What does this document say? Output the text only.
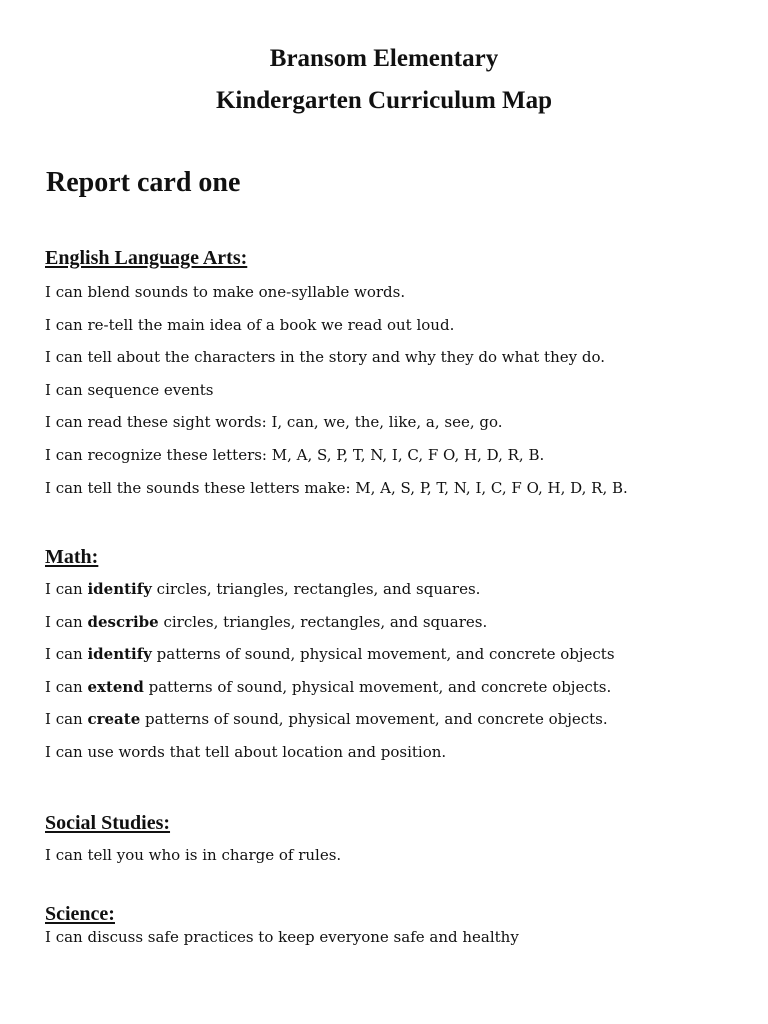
Bransom Elementary
Kindergarten Curriculum Map
Report card one
English Language Arts:
I can blend sounds to make one-syllable words.
I can re-tell the main idea of a book we read out loud.
I can tell about the characters in the story and why they do what they do.
I can sequence events
I can read these sight words: I, can, we, the, like, a, see, go.
I can recognize these letters: M, A, S, P, T, N, I, C, F O, H, D, R, B.
I can tell the sounds these letters make: M, A, S, P, T, N, I, C, F O, H, D, R, B.
Math:
I can identify circles, triangles, rectangles, and squares.
I can describe circles, triangles, rectangles, and squares.
I can identify patterns of sound, physical movement, and concrete objects
I can extend patterns of sound, physical movement, and concrete objects.
I can create patterns of sound, physical movement, and concrete objects.
I can use words that tell about location and position.
Social Studies:
I can tell you who is in charge of rules.
Science:
I can discuss safe practices to keep everyone safe and healthy
